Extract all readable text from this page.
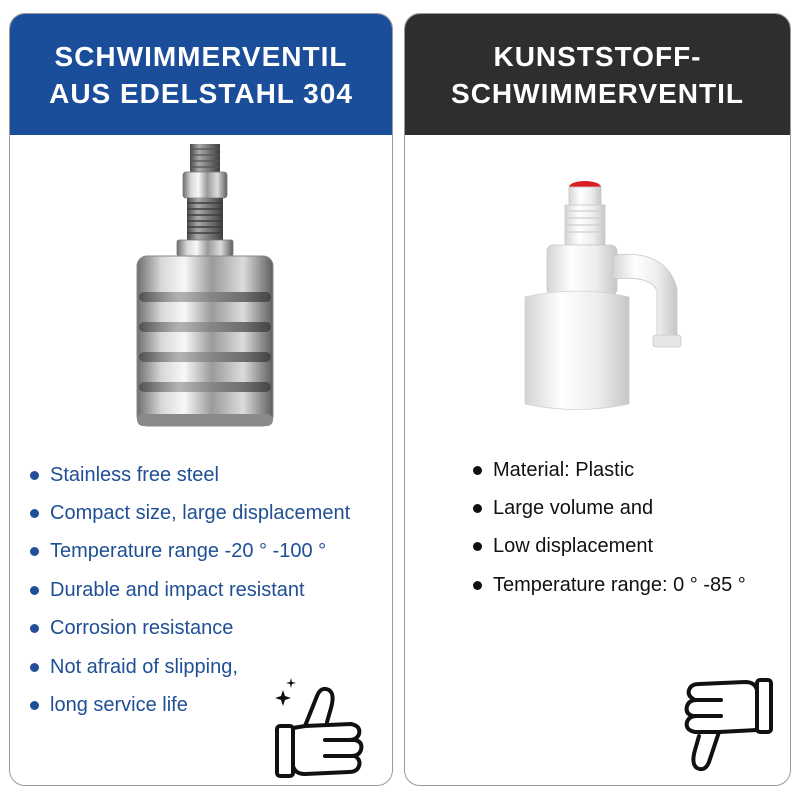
SCHWIMMERVENTIL
AUS EDELSTAHL 304
Stainless free steel
Compact size, large displacement
Temperature range -20 ° -100 °
Durable and impact resistant
Corrosion resistance
Not afraid of slipping,
long service life
KUNSTSTOFF-
SCHWIMMERVENTIL
Material: Plastic
Large volume and
Low displacement
Temperature range: 0 ° -85 °
